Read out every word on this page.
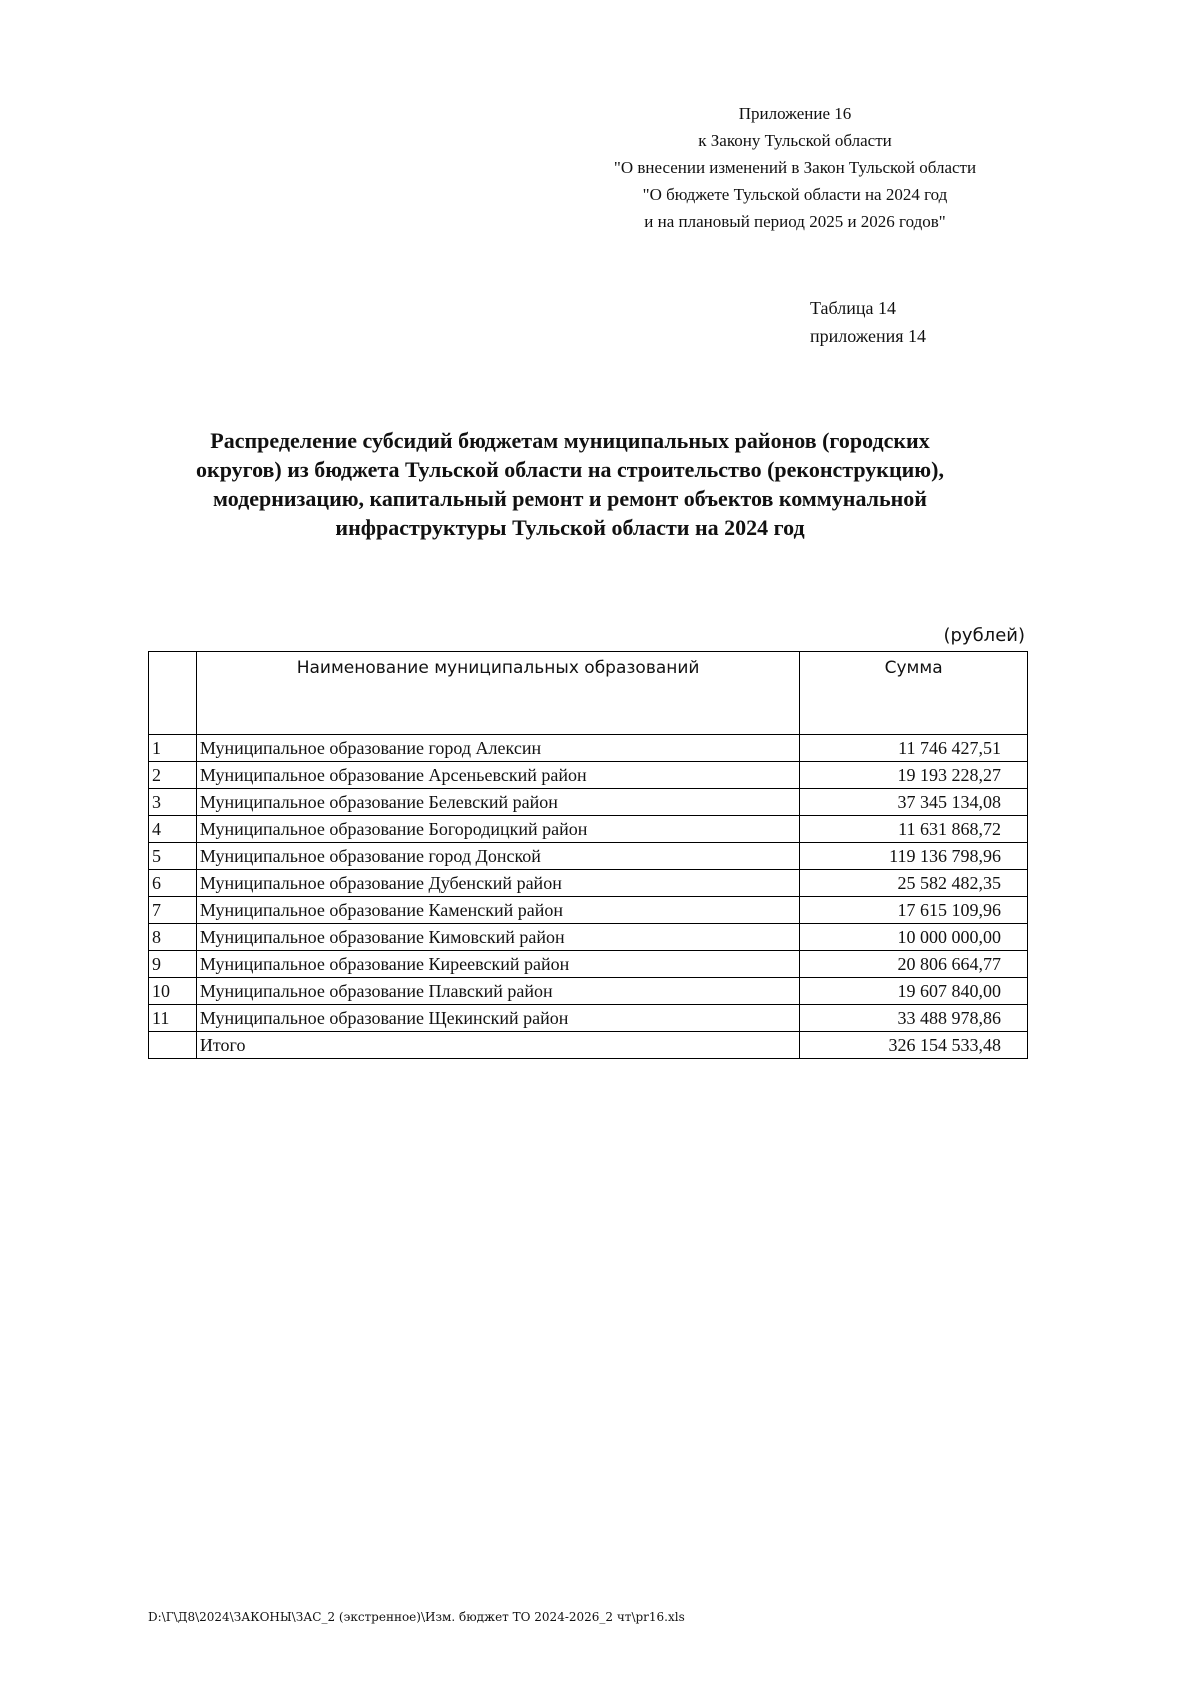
Приложение 16
к Закону Тульской области
"О внесении изменений в Закон Тульской области
"О бюджете Тульской области на 2024 год
и на плановый период 2025 и 2026 годов"
Таблица 14
приложения 14
Распределение субсидий бюджетам муниципальных районов (городских
округов) из бюджета Тульской области на строительство (реконструкцию),
модернизацию, капитальный ремонт и ремонт объектов коммунальной
инфраструктуры Тульской области на 2024 год
(рублей)
	Наименование муниципальных образований	Сумма
1	Муниципальное образование город Алексин	11 746 427,51
2	Муниципальное образование Арсеньевский район	19 193 228,27
3	Муниципальное образование Белевский район	37 345 134,08
4	Муниципальное образование Богородицкий район	11 631 868,72
5	Муниципальное образование город Донской	119 136 798,96
6	Муниципальное образование Дубенский район	25 582 482,35
7	Муниципальное образование Каменский район	17 615 109,96
8	Муниципальное образование Кимовский район	10 000 000,00
9	Муниципальное образование Киреевский район	20 806 664,77
10	Муниципальное образование Плавский район	19 607 840,00
11	Муниципальное образование Щекинский район	33 488 978,86
	Итого	326 154 533,48
D:\Г\Д8\2024\ЗАКОНЫ\ЗАС_2 (экстренное)\Изм. бюджет ТО 2024-2026_2 чт\pr16.xls
